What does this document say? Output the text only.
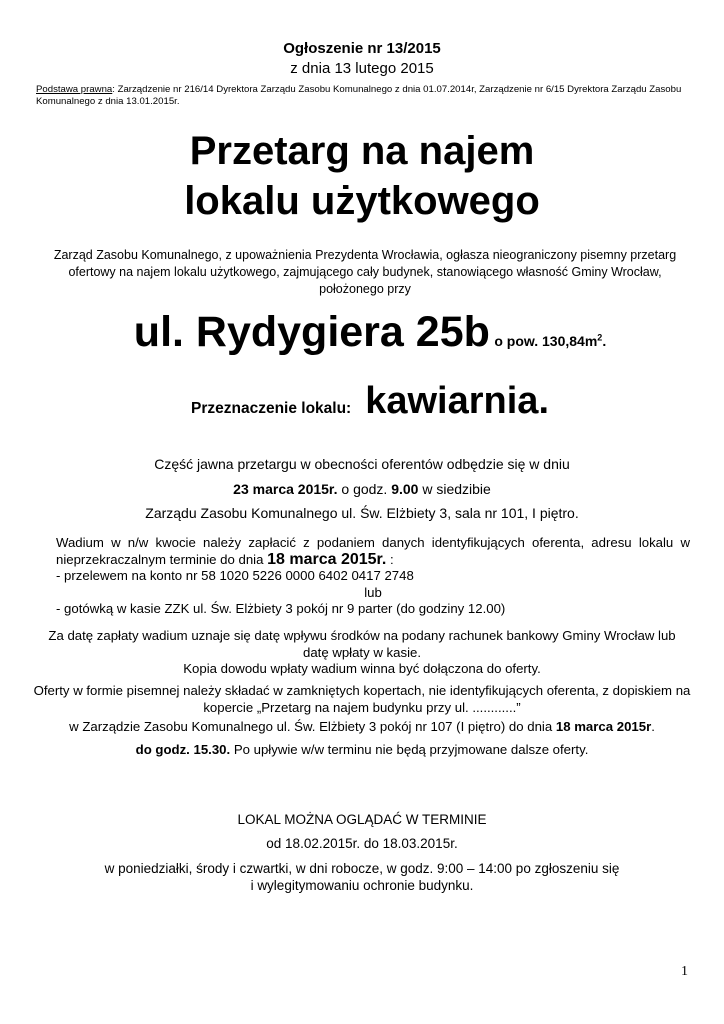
Ogłoszenie nr 13/2015
z dnia 13 lutego 2015
Podstawa prawna: Zarządzenie nr 216/14 Dyrektora Zarządu Zasobu Komunalnego z dnia 01.07.2014r, Zarządzenie nr 6/15 Dyrektora Zarządu Zasobu Komunalnego z dnia 13.01.2015r.
Przetarg na najem
lokalu użytkowego
Zarząd Zasobu Komunalnego, z upoważnienia Prezydenta Wrocławia, ogłasza nieograniczony pisemny przetarg ofertowy na najem lokalu użytkowego, zajmującego cały budynek, stanowiącego własność Gminy Wrocław, położonego przy
ul. Rydygiera 25b o pow. $130,84m^2$.
Przeznaczenie lokalu: kawiarnia.
Część jawna przetargu w obecności oferentów odbędzie się w dniu
23 marca 2015r. o godz. 9.00 w siedzibie
Zarządu Zasobu Komunalnego ul. Św. Elżbiety 3, sala nr 101, I piętro.
Wadium w n/w kwocie należy zapłacić z podaniem danych identyfikujących oferenta, adresu lokalu w nieprzekraczalnym terminie do dnia 18 marca 2015r. :
- przelewem na konto nr 58 1020 5226 0000 6402 0417 2748
lub
- gotówką w kasie ZZK ul. Św. Elżbiety 3 pokój nr 9 parter (do godziny 12.00)
Za datę zapłaty wadium uznaje się datę wpływu środków na podany rachunek bankowy Gminy Wrocław lub datę wpłaty w kasie.
Kopia dowodu wpłaty wadium winna być dołączona do oferty.
Oferty w formie pisemnej należy składać w zamkniętych kopertach, nie identyfikujących oferenta, z dopiskiem na kopercie „Przetarg na najem budynku przy ul. ............”
w Zarządzie Zasobu Komunalnego ul. Św. Elżbiety 3 pokój nr 107 (I piętro) do dnia 18 marca 2015r.
do godz. 15.30. Po upływie w/w terminu nie będą przyjmowane dalsze oferty.
LOKAL MOŻNA OGLĄDAĆ W TERMINIE
od 18.02.2015r. do 18.03.2015r.
w poniedziałki, środy i czwartki, w dni robocze, w godz. 9:00 – 14:00 po zgłoszeniu się
i wylegitymowaniu ochronie budynku.
1
